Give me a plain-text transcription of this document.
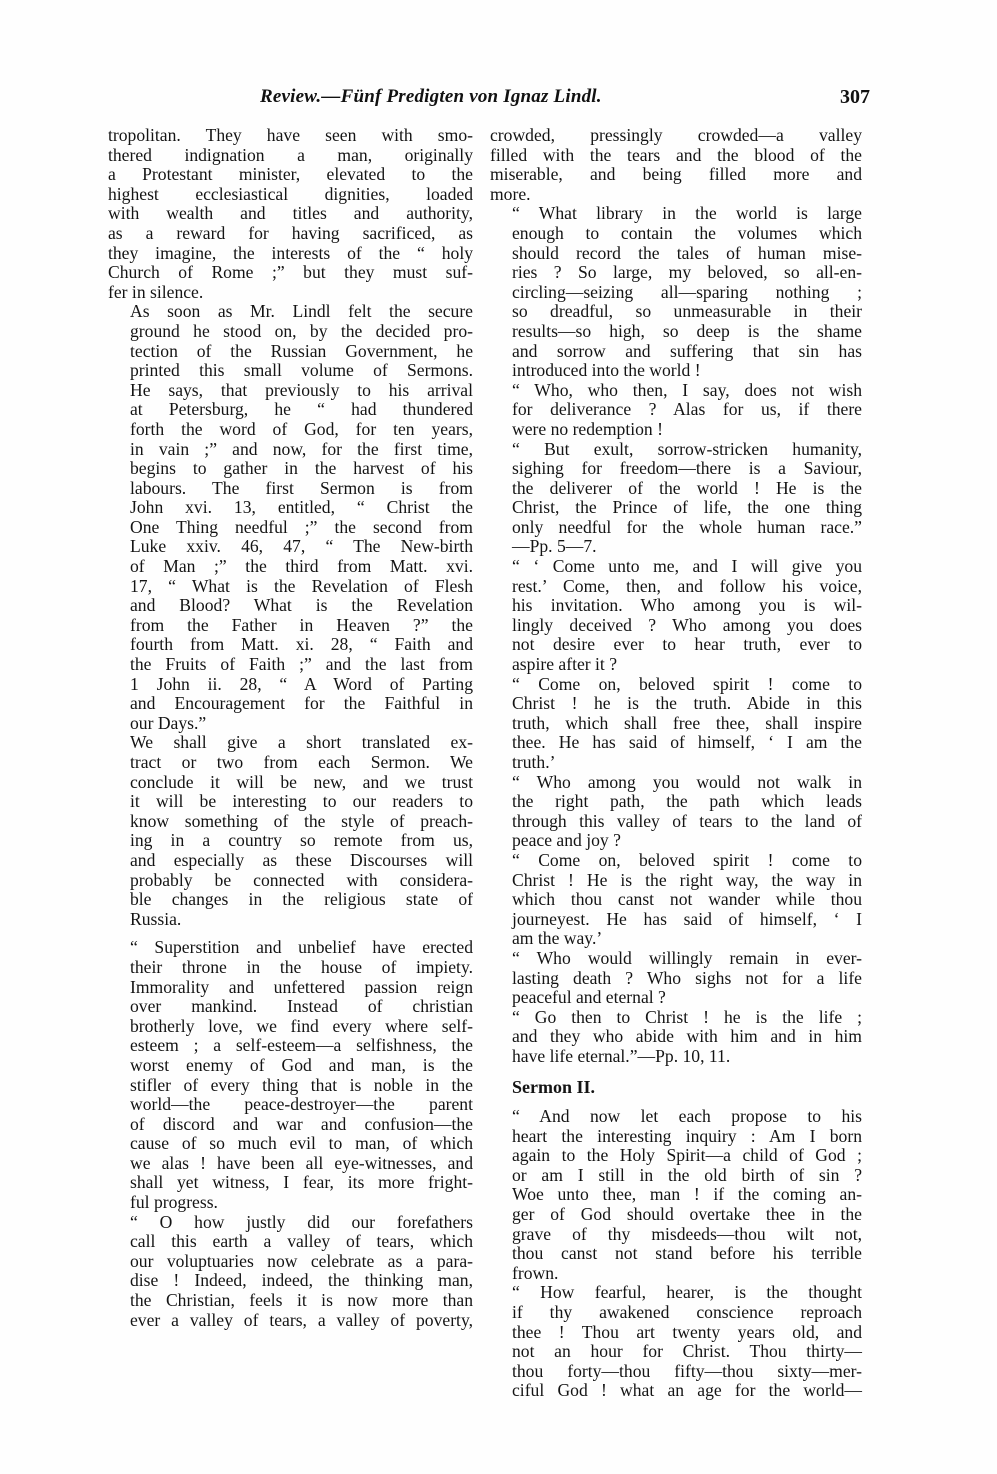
Review.—Fünf Predigten von Ignaz Lindl.	307
tropolitan. They have seen with smo-
thered indignation a man, originally
a Protestant minister, elevated to the
highest ecclesiastical dignities, loaded
with wealth and titles and authority,
as a reward for having sacrificed, as
they imagine, the interests of the “ holy
Church of Rome ;” but they must suf-
fer in silence.
As soon as Mr. Lindl felt the secure
ground he stood on, by the decided pro-
tection of the Russian Government, he
printed this small volume of Sermons.
He says, that previously to his arrival
at Petersburg, he “ had thundered
forth the word of God, for ten years,
in vain ;” and now, for the first time,
begins to gather in the harvest of his
labours. The first Sermon is from
John xvi. 13, entitled, “ Christ the
One Thing needful ;” the second from
Luke xxiv. 46, 47, “ The New-birth
of Man ;” the third from Matt. xvi.
17, “ What is the Revelation of Flesh
and Blood? What is the Revelation
from the Father in Heaven ?” the
fourth from Matt. xi. 28, “ Faith and
the Fruits of Faith ;” and the last from
1 John ii. 28, “ A Word of Parting
and Encouragement for the Faithful in
our Days.”
We shall give a short translated ex-
tract or two from each Sermon. We
conclude it will be new, and we trust
it will be interesting to our readers to
know something of the style of preach-
ing in a country so remote from us,
and especially as these Discourses will
probably be connected with considera-
ble changes in the religious state of
Russia.
“ Superstition and unbelief have erected
their throne in the house of impiety.
Immorality and unfettered passion reign
over mankind. Instead of christian
brotherly love, we find every where self-
esteem ; a self-esteem—a selfishness, the
worst enemy of God and man, is the
stifler of every thing that is noble in the
world—the peace-destroyer—the parent
of discord and war and confusion—the
cause of so much evil to man, of which
we alas ! have been all eye-witnesses, and
shall yet witness, I fear, its more fright-
ful progress.
“ O how justly did our forefathers
call this earth a valley of tears, which
our voluptuaries now celebrate as a para-
dise ! Indeed, indeed, the thinking man,
the Christian, feels it is now more than
ever a valley of tears, a valley of poverty,
crowded, pressingly crowded—a valley
filled with the tears and the blood of the
miserable, and being filled more and
more.
“ What library in the world is large
enough to contain the volumes which
should record the tales of human mise-
ries ? So large, my beloved, so all-en-
circling—seizing all—sparing nothing ;
so dreadful, so unmeasurable in their
results—so high, so deep is the shame
and sorrow and suffering that sin has
introduced into the world !
“ Who, who then, I say, does not wish
for deliverance ? Alas for us, if there
were no redemption !
“ But exult, sorrow-stricken humanity,
sighing for freedom—there is a Saviour,
the deliverer of the world ! He is the
Christ, the Prince of life, the one thing
only needful for the whole human race.”
—Pp. 5—7.
“ ‘ Come unto me, and I will give you
rest.’ Come, then, and follow his voice,
his invitation. Who among you is wil-
lingly deceived ? Who among you does
not desire ever to hear truth, ever to
aspire after it ?
“ Come on, beloved spirit ! come to
Christ ! he is the truth. Abide in this
truth, which shall free thee, shall inspire
thee. He has said of himself, ‘ I am the
truth.’
“ Who among you would not walk in
the right path, the path which leads
through this valley of tears to the land of
peace and joy ?
“ Come on, beloved spirit ! come to
Christ ! He is the right way, the way in
which thou canst not wander while thou
journeyest. He has said of himself, ‘ I
am the way.’
“ Who would willingly remain in ever-
lasting death ? Who sighs not for a life
peaceful and eternal ?
“ Go then to Christ ! he is the life ;
and they who abide with him and in him
have life eternal.”—Pp. 10, 11.
Sermon II.
“ And now let each propose to his
heart the interesting inquiry : Am I born
again to the Holy Spirit—a child of God ;
or am I still in the old birth of sin ?
Woe unto thee, man ! if the coming an-
ger of God should overtake thee in the
grave of thy misdeeds—thou wilt not,
thou canst not stand before his terrible
frown.
“ How fearful, hearer, is the thought
if thy awakened conscience reproach
thee ! Thou art twenty years old, and
not an hour for Christ. Thou thirty—
thou forty—thou fifty—thou sixty—mer-
ciful God ! what an age for the world—
